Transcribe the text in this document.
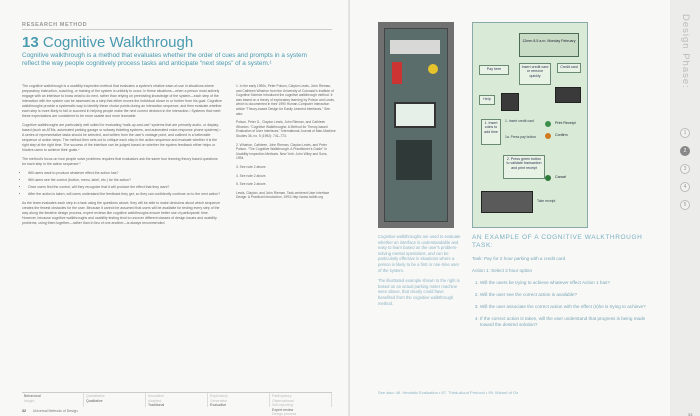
RESEARCH METHOD
13 Cognitive Walkthrough
Cognitive walkthrough is a method that evaluates whether the order of cues and prompts in a system reflect the way people cognitively process tasks and anticipate “next steps” of a system.¹

The cognitive walkthrough is a usability inspection method that evaluates a system’s relative ease-of-use in situations where preparatory instruction, coaching, or training of the system is unlikely to occur. In these situations—when a person must actively engage with an interface to know what to do next, rather than relying on preexisting knowledge of the system—each step of the interaction with the system can be assessed as a step that either moves the individual closer to or further from his goal. Cognitive walkthroughs provide a systematic way to identify these choice points during an interaction sequence, and then evaluate whether each step is more likely to fail or succeed in helping people make the next correct decision in the interaction.² Systems that meet these expectations are considered to be more usable and more learnable.

Cognitive walkthroughs are particularly well suited for evaluating “walk-up-and-use” systems that are primarily audio- or display-based (such as ATMs, automated parking garage or subway ticketing systems, and automated voice-response phone systems).³ A series of representative tasks should be selected, and written from the user’s vantage point, and outlined in a believable sequence of action steps. The method then sets out to critique each step in the action sequence and evaluate whether it is the right step at the right time. The success of the interface can be judged based on whether the system feedback either helps or hinders users to achieve their goals.⁴

The method’s focus on how people solve problems requires that evaluators ask the same four learning theory based questions for each step in the action sequence:⁵

• Will users want to produce whatever effect the action has?
• Will users see the control (button, menu, label, etc.) for the action?
• Once users find the control, will they recognize that it will produce the effect that they want?
• After the action is taken, will users understand the feedback they get, so they can confidently continue on to the next action?

As the team evaluates each step in a task using the questions above, they will be able to make decisions about which sequence creates the fewest obstacles for the user. Because it cannot be assumed that users will be available for testing every step of the way along the iterative design process, expert reviews like cognitive walkthroughs ensure better use of participants’ time. However, because cognitive walkthroughs and usability testing tend to uncover different classes of design issues and usability problems, using them together—rather than in lieu of one another—is always recommended.

1. In the early 1990s, Peter Polson, Clayton Lewis, John Rieman, and Cathleen Wharton from the University of Colorado’s Institute of Cognitive Science introduced the cognitive walkthrough method. It was based on a theory of exploratory learning by Polson and Lewis, which is documented in their 1990 Human-Computer Interaction article “Theory-based Design for Easily Learned Interfaces.” See also:

Polson, Peter G., Clayton Lewis, John Rieman, and Cathleen Wharton. “Cognitive Walkthroughs: A Method for Theory-based Evaluation of User Interfaces.” International Journal of Man-Machine Studies 36, no. 5 (1992): 741–773.

2. Wharton, Cathleen, John Rieman, Clayton Lewis, and Peter Polson. “The Cognitive Walkthrough: A Practitioner’s Guide” in Usability Inspection Methods. New York: John Wiley and Sons, 1994.

3. See note 2 above.

4. See note 2 above.

5. See note 2 above.

Lewis, Clayton, and John Rieman. Task-centered User Interface Design: A Practical Introduction, 1993; http://www.hcibib.org

Behavioral
Insight
Quantitative
Qualitative
Innovative
Adapted
Traditional
Exploratory
Generative
Evaluative
Participatory
Observational
Self-reporting
Expert review
Design process
32 Universal Methods of Design
Design Phase:
1
2
3
4
5
12mm 8.5 a.m. Monday February
Pay here	Insert credit card or remove quickly
Credit card
Help
Print Receipt
Confirm
1. Insert coins to add time
1. Insert credit card
1a. Press pay button
2. Press green button to validate transaction and print receipt
Cancel
Take receipt

Cognitive walkthroughs are used to evaluate whether an interface is understandable and easy to learn based on the user’s problem-solving mental operations, and can be particularly effective in situations where a person is likely to be a first or one-time user of the system.

The illustrated example shown to the right is based on an actual parking meter machine seen above, that clearly could have benefited from the cognitive walkthrough method.

AN EXAMPLE OF A COGNITIVE WALKTHROUGH TASK:
Task: Pay for 2 hour parking with a credit card
Action 1: Select 2 hour option
1. Will the users be trying to achieve whatever effect Action 1 has?
2. Will the user see the correct action is available?
3. Will the user associate the correct action with the effect (s)he is trying to achieve?
4. If the correct action is taken, will the user understand that progress is being made toward the desired solution?
See also: 46. Heuristic Evaluation • 87. Think-aloud Protocol • 99. Wizard of Oz
33
